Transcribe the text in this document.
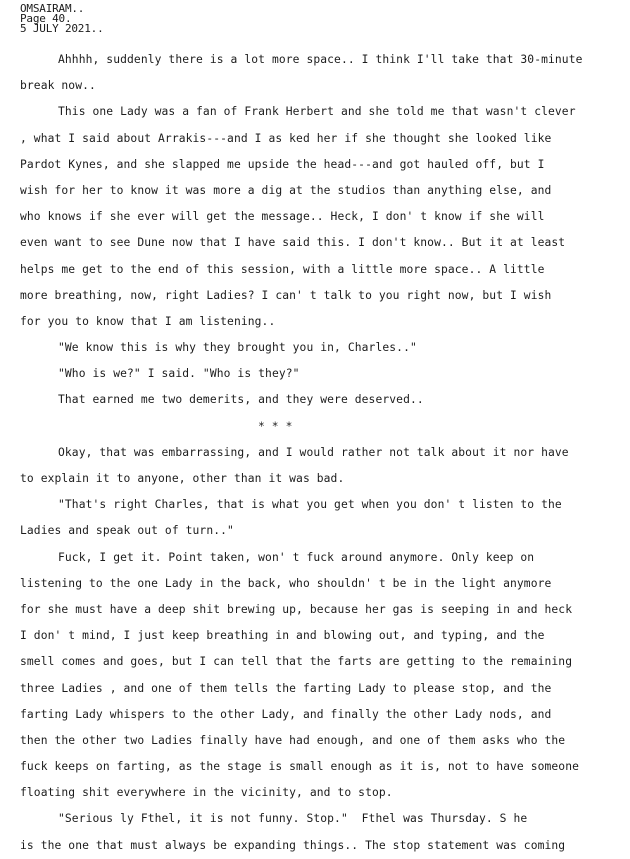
OMSAIRAM..
Page 40.
5 JULY 2021..
Ahhhh, suddenly there is a lot more space.. I think I'll take that 30-minute
break now..
This one Lady was a fan of Frank Herbert and she told me that wasn't clever
, what I said about Arrakis---and I as ked her if she thought she looked like
Pardot Kynes, and she slapped me upside the head---and got hauled off, but I
wish for her to know it was more a dig at the studios than anything else, and
who knows if she ever will get the message.. Heck, I don' t know if she will
even want to see Dune now that I have said this. I don't know.. But it at least
helps me get to the end of this session, with a little more space.. A little
more breathing, now, right Ladies? I can' t talk to you right now, but I wish
for you to know that I am listening..
"We know this is why they brought you in, Charles.."
"Who is we?" I said. "Who is they?"
That earned me two demerits, and they were deserved..
* * *
Okay, that was embarrassing, and I would rather not talk about it nor have
to explain it to anyone, other than it was bad.
"That's right Charles, that is what you get when you don' t listen to the
Ladies and speak out of turn.."
Fuck, I get it. Point taken, won' t fuck around anymore. Only keep on
listening to the one Lady in the back, who shouldn' t be in the light anymore
for she must have a deep shit brewing up, because her gas is seeping in and heck
I don' t mind, I just keep breathing in and blowing out, and typing, and the
smell comes and goes, but I can tell that the farts are getting to the remaining
three Ladies , and one of them tells the farting Lady to please stop, and the
farting Lady whispers to the other Lady, and finally the other Lady nods, and
then the other two Ladies finally have had enough, and one of them asks who the
fuck keeps on farting, as the stage is small enough as it is, not to have someone
floating shit everywhere in the vicinity, and to stop.
"Serious ly Fthel, it is not funny. Stop."  Fthel was Thursday. S he
is the one that must always be expanding things.. The stop statement was coming
